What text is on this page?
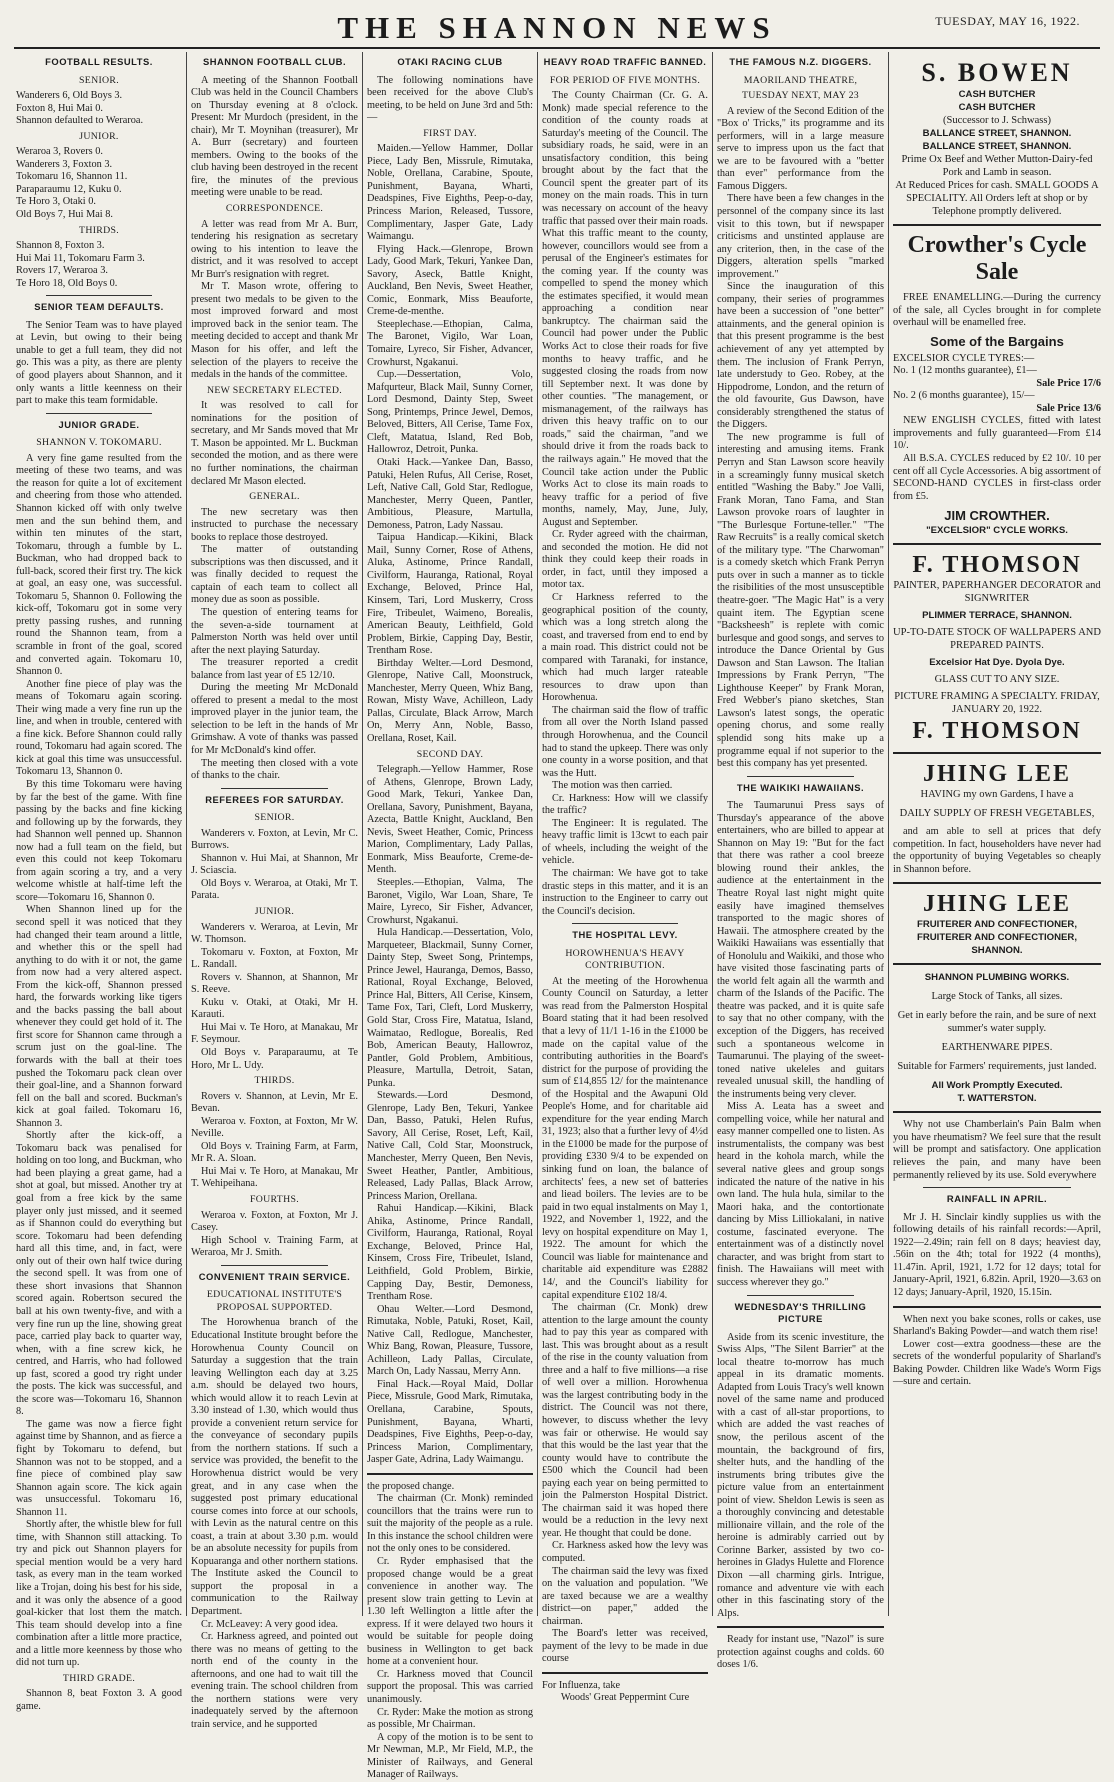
THE SHANNON NEWS	TUESDAY, MAY 16, 1922.
FOOTBALL RESULTS.
SENIOR.

Wanderers 6, Old Boys 3.

Foxton 8, Hui Mai 0.

Shannon defaulted to Weraroa.

JUNIOR.

Weraroa 3, Rovers 0.

Wanderers 3, Foxton 3.

Tokomaru 16, Shannon 11.

Paraparaumu 12, Kuku 0.

Te Horo 3, Otaki 0.

Old Boys 7, Hui Mai 8.

THIRDS.

Shannon 8, Foxton 3.

Hui Mai 11, Tokomaru Farm 3.

Rovers 17, Weraroa 3.

Te Horo 18, Old Boys 0.

SENIOR TEAM DEFAULTS.

The Senior Team was to have played at Levin, but owing to their being unable to get a full team, they did not go. This was a pity, as there are plenty of good players about Shannon, and it only wants a little keenness on their part to make this team formidable.

JUNIOR GRADE.
SHANNON V. TOKOMARU.

A very fine game resulted from the meeting of these two teams, and was the reason for quite a lot of excitement and cheering from those who attended. Shannon kicked off with only twelve men and the sun behind them, and within ten minutes of the start, Tokomaru, through a fumble by L. Buckman, who had dropped back to full-back, scored their first try. The kick at goal, an easy one, was successful. Tokomaru 5, Shannon 0. Following the kick-off, Tokomaru got in some very pretty passing rushes, and running round the Shannon team, from a scramble in front of the goal, scored and converted again. Tokomaru 10, Shannon 0.

Another fine piece of play was the means of Tokomaru again scoring. Their wing made a very fine run up the line, and when in trouble, centered with a fine kick. Before Shannon could rally round, Tokomaru had again scored. The kick at goal this time was unsuccessful. Tokomaru 13, Shannon 0.

By this time Tokomaru were having by far the best of the game. With fine passing by the backs and fine kicking and following up by the forwards, they had Shannon well penned up. Shannon now had a full team on the field, but even this could not keep Tokomaru from again scoring a try, and a very welcome whistle at half-time left the score—Tokomaru 16, Shannon 0.

When Shannon lined up for the second spell it was noticed that they had changed their team around a little, and whether this or the spell had anything to do with it or not, the game from now had a very altered aspect. From the kick-off, Shannon pressed hard, the forwards working like tigers and the backs passing the ball about whenever they could get hold of it. The first score for Shannon came through a scrum just on the goal-line. The forwards with the ball at their toes pushed the Tokomaru pack clean over their goal-line, and a Shannon forward fell on the ball and scored. Buckman's kick at goal failed. Tokomaru 16, Shannon 3.

Shortly after the kick-off, a Tokomaru back was penalised for holding on too long, and Buckman, who had been playing a great game, had a shot at goal, but missed. Another try at goal from a free kick by the same player only just missed, and it seemed as if Shannon could do everything but score. Tokomaru had been defending hard all this time, and, in fact, were only out of their own half twice during the second spell. It was from one of these short invasions that Shannon scored again. Robertson secured the ball at his own twenty-five, and with a very fine run up the line, showing great pace, carried play back to quarter way, when, with a fine screw kick, he centred, and Harris, who had followed up fast, scored a good try right under the posts. The kick was successful, and the score was—Tokomaru 16, Shannon 8.

The game was now a fierce fight against time by Shannon, and as fierce a fight by Tokomaru to defend, but Shannon was not to be stopped, and a fine piece of combined play saw Shannon again score. The kick again was unsuccessful. Tokomaru 16, Shannon 11.

Shortly after, the whistle blew for full time, with Shannon still attacking. To try and pick out Shannon players for special mention would be a very hard task, as every man in the team worked like a Trojan, doing his best for his side, and it was only the absence of a good goal-kicker that lost them the match. This team should develop into a fine combination after a little more practice, and a little more keenness by those who did not turn up.

THIRD GRADE.

Shannon 8, beat Foxton 3. A good game.

SHANNON FOOTBALL CLUB.

A meeting of the Shannon Football Club was held in the Council Chambers on Thursday evening at 8 o'clock. Present: Mr Murdoch (president, in the chair), Mr T. Moynihan (treasurer), Mr A. Burr (secretary) and fourteen members. Owing to the books of the club having been destroyed in the recent fire, the minutes of the previous meeting were unable to be read.

CORRESPONDENCE.

A letter was read from Mr A. Burr, tendering his resignation as secretary owing to his intention to leave the district, and it was resolved to accept Mr Burr's resignation with regret.

Mr T. Mason wrote, offering to present two medals to be given to the most improved forward and most improved back in the senior team. The meeting decided to accept and thank Mr Mason for his offer, and left the selection of the players to receive the medals in the hands of the committee.

NEW SECRETARY ELECTED.

It was resolved to call for nominations for the position of secretary, and Mr Sands moved that Mr T. Mason be appointed. Mr L. Buckman seconded the motion, and as there were no further nominations, the chairman declared Mr Mason elected.

GENERAL.

The new secretary was then instructed to purchase the necessary books to replace those destroyed.

The matter of outstanding subscriptions was then discussed, and it was finally decided to request the captain of each team to collect all money due as soon as possible.

The question of entering teams for the seven-a-side tournament at Palmerston North was held over until after the next playing Saturday.

The treasurer reported a credit balance from last year of £5 12/10.

During the meeting Mr McDonald offered to present a medal to the most improved player in the junior team, the selection to be left in the hands of Mr Grimshaw. A vote of thanks was passed for Mr McDonald's kind offer.

The meeting then closed with a vote of thanks to the chair.

REFEREES FOR SATURDAY.
SENIOR.

Wanderers v. Foxton, at Levin, Mr C. Burrows.

Shannon v. Hui Mai, at Shannon, Mr J. Sciascia.

Old Boys v. Weraroa, at Otaki, Mr T. Parata.

JUNIOR.

Wanderers v. Weraroa, at Levin, Mr W. Thomson.

Tokomaru v. Foxton, at Foxton, Mr L. Randall.

Rovers v. Shannon, at Shannon, Mr S. Reeve.

Kuku v. Otaki, at Otaki, Mr H. Karauti.

Hui Mai v. Te Horo, at Manakau, Mr F. Seymour.

Old Boys v. Paraparaumu, at Te Horo, Mr L. Udy.

THIRDS.

Rovers v. Shannon, at Levin, Mr E. Bevan.

Weraroa v. Foxton, at Foxton, Mr W. Neville.

Old Boys v. Training Farm, at Farm, Mr R. A. Sloan.

Hui Mai v. Te Horo, at Manakau, Mr T. Wehipeihana.

FOURTHS.

Weraroa v. Foxton, at Foxton, Mr J. Casey.

High School v. Training Farm, at Weraroa, Mr J. Smith.

CONVENIENT TRAIN SERVICE.
EDUCATIONAL INSTITUTE'S PROPOSAL SUPPORTED.

The Horowhenua branch of the Educational Institute brought before the Horowhenua County Council on Saturday a suggestion that the train leaving Wellington each day at 3.25 a.m. should be delayed two hours, which would allow it to reach Levin at 3.30 instead of 1.30, which would thus provide a convenient return service for the conveyance of secondary pupils from the northern stations. If such a service was provided, the benefit to the Horowhenua district would be very great, and in any case when the suggested post primary educational course comes into force at our schools, with Levin as the natural centre on this coast, a train at about 3.30 p.m. would be an absolute necessity for pupils from Kopuaranga and other northern stations. The Institute asked the Council to support the proposal in a communication to the Railway Department.

Cr. McLeavey: A very good idea.

Cr. Harkness agreed, and pointed out there was no means of getting to the north end of the county in the afternoons, and one had to wait till the evening train. The school children from the northern stations were very inadequately served by the afternoon train service, and he supported

OTAKI RACING CLUB

The following nominations have been received for the above Club's meeting, to be held on June 3rd and 5th:—

FIRST DAY.

Maiden.—Yellow Hammer, Dollar Piece, Lady Ben, Missrule, Rimutaka, Noble, Orellana, Carabine, Spoute, Punishment, Bayana, Wharti, Deadspines, Five Eighths, Peep-o-day, Princess Marion, Released, Tussore, Complimentary, Jasper Gate, Lady Waimangu.

Flying Hack.—Glenrope, Brown Lady, Good Mark, Tekuri, Yankee Dan, Savory, Aseck, Battle Knight, Auckland, Ben Nevis, Sweet Heather, Comic, Eonmark, Miss Beauforte, Creme-de-menthe.

Steeplechase.—Ethopian, Calma, The Baronet, Vigilo, War Loan, Tomaire, Lyreco, Sir Fisher, Advancer, Crowhurst, Ngakanui.

Cup.—Dessertation, Volo, Mafqurteur, Black Mail, Sunny Corner, Lord Desmond, Dainty Step, Sweet Song, Printemps, Prince Jewel, Demos, Beloved, Bitters, All Cerise, Tame Fox, Cleft, Matatua, Island, Red Bob, Hallowroz, Detroit, Punka.

Otaki Hack.—Yankee Dan, Basso, Patuki, Helen Rufus, All Cerise, Roset, Left, Native Call, Gold Star, Redlogue, Manchester, Merry Queen, Pantler, Ambitious, Pleasure, Martulla, Demoness, Patron, Lady Nassau.

Taipua Handicap.—Kikini, Black Mail, Sunny Corner, Rose of Athens, Aluka, Astinome, Prince Randall, Civilform, Hauranga, Rational, Royal Exchange, Beloved, Prince Hal, Kinsem, Tari, Lord Muskerry, Cross Fire, Tribeulet, Waimeno, Borealis, American Beauty, Leithfield, Gold Problem, Birkie, Capping Day, Bestir, Trentham Rose.

Birthday Welter.—Lord Desmond, Glenrope, Native Call, Moonstruck, Manchester, Merry Queen, Whiz Bang, Rowan, Misty Wave, Achilleon, Lady Pallas, Circulate, Black Arrow, March On, Merry Ann, Noble, Basso, Orellana, Roset, Kail.

SECOND DAY.

Telegraph.—Yellow Hammer, Rose of Athens, Glenrope, Brown Lady, Good Mark, Tekuri, Yankee Dan, Orellana, Savory, Punishment, Bayana, Azecta, Battle Knight, Auckland, Ben Nevis, Sweet Heather, Comic, Princess Marion, Complimentary, Lady Pallas, Eonmark, Miss Beauforte, Creme-de-Menth.

Steeples.—Ethopian, Valma, The Baronet, Vigilo, War Loan, Share, Te Maire, Lyreco, Sir Fisher, Advancer, Crowhurst, Ngakanui.

Hula Handicap.—Dessertation, Volo, Marqueteer, Blackmail, Sunny Corner, Dainty Step, Sweet Song, Printemps, Prince Jewel, Hauranga, Demos, Basso, Rational, Royal Exchange, Beloved, Prince Hal, Bitters, All Cerise, Kinsem, Tame Fox, Tari, Cleft, Lord Muskerry, Gold Star, Cross Fire, Matatua, Island, Waimatao, Redlogue, Borealis, Red Bob, American Beauty, Hallowroz, Pantler, Gold Problem, Ambitious, Pleasure, Martulla, Detroit, Satan, Punka.

Stewards.—Lord Desmond, Glenrope, Lady Ben, Tekuri, Yankee Dan, Basso, Patuki, Helen Rufus, Savory, All Cerise, Roset, Left, Kail, Native Call, Cold Star, Moonstruck, Manchester, Merry Queen, Ben Nevis, Sweet Heather, Pantler, Ambitious, Released, Lady Pallas, Black Arrow, Princess Marion, Orellana.

Rahui Handicap.—Kikini, Black Ahika, Astinome, Prince Randall, Civilform, Hauranga, Rational, Royal Exchange, Beloved, Prince Hal, Kinsem, Cross Fire, Tribeulet, Island, Leithfield, Gold Problem, Birkie, Capping Day, Bestir, Demoness, Trentham Rose.

Ohau Welter.—Lord Desmond, Rimutaka, Noble, Patuki, Roset, Kail, Native Call, Redlogue, Manchester, Whiz Bang, Rowan, Pleasure, Tussore, Achilleon, Lady Pallas, Circulate, March On, Lady Nassau, Merry Ann.

Final Hack.—Royal Maid, Dollar Piece, Missrule, Good Mark, Rimutaka, Orellana, Carabine, Spouts, Punishment, Bayana, Wharti, Deadspines, Five Eighths, Peep-o-day, Princess Marion, Complimentary, Jasper Gate, Adrina, Lady Waimangu.

the proposed change.

The chairman (Cr. Monk) reminded councillors that the trains were run to suit the majority of the people as a rule. In this instance the school children were not the only ones to be considered.

Cr. Ryder emphasised that the proposed change would be a great convenience in another way. The present slow train getting to Levin at 1.30 left Wellington a little after the express. If it were delayed two hours it would be suitable for people doing business in Wellington to get back home at a convenient hour.

Cr. Harkness moved that Council support the proposal. This was carried unanimously.

Cr. Ryder: Make the motion as strong as possible, Mr Chairman.

A copy of the motion is to be sent to Mr Newman, M.P., Mr Field, M.P., the Minister of Railways, and General Manager of Railways.

HEAVY ROAD TRAFFIC BANNED.
FOR PERIOD OF FIVE MONTHS.

The County Chairman (Cr. G. A. Monk) made special reference to the condition of the county roads at Saturday's meeting of the Council. The subsidiary roads, he said, were in an unsatisfactory condition, this being brought about by the fact that the Council spent the greater part of its money on the main roads. This in turn was necessary on account of the heavy traffic that passed over their main roads. What this traffic meant to the county, however, councillors would see from a perusal of the Engineer's estimates for the coming year. If the county was compelled to spend the money which the estimates specified, it would mean approaching a condition near bankruptcy. The chairman said the Council had power under the Public Works Act to close their roads for five months to heavy traffic, and he suggested closing the roads from now till September next. It was done by other counties. "The management, or mismanagement, of the railways has driven this heavy traffic on to our roads," said the chairman, "and we should drive it from the roads back to the railways again." He moved that the Council take action under the Public Works Act to close its main roads to heavy traffic for a period of five months, namely, May, June, July, August and September.

Cr. Ryder agreed with the chairman, and seconded the motion. He did not think they could keep their roads in order, in fact, until they imposed a motor tax.

Cr Harkness referred to the geographical position of the county, which was a long stretch along the coast, and traversed from end to end by a main road. This district could not be compared with Taranaki, for instance, which had much larger rateable resources to draw upon than Horowhenua.

The chairman said the flow of traffic from all over the North Island passed through Horowhenua, and the Council had to stand the upkeep. There was only one county in a worse position, and that was the Hutt.

The motion was then carried.

Cr. Harkness: How will we classify the traffic?

The Engineer: It is regulated. The heavy traffic limit is 13cwt to each pair of wheels, including the weight of the vehicle.

The chairman: We have got to take drastic steps in this matter, and it is an instruction to the Engineer to carry out the Council's decision.

THE HOSPITAL LEVY.
HOROWHENUA'S HEAVY CONTRIBUTION.

At the meeting of the Horowhenua County Council on Saturday, a letter was read from the Palmerston Hospital Board stating that it had been resolved that a levy of 11/1 1-16 in the £1000 be made on the capital value of the contributing authorities in the Board's district for the purpose of providing the sum of £14,855 12/ for the maintenance of the Hospital and the Awapuni Old People's Home, and for charitable aid expenditure for the year ending March 31, 1923; also that a further levy of 4½d in the £1000 be made for the purpose of providing £330 9/4 to be expended on sinking fund on loan, the balance of architects' fees, a new set of batteries and liead boilers. The levies are to be paid in two equal instalments on May 1, 1922, and November 1, 1922, and the levy on hospital expenditure on May 1, 1922. The amount for which the Council was liable for maintenance and charitable aid expenditure was £2882 14/, and the Council's liability for capital expenditure £102 18/4.

The chairman (Cr. Monk) drew attention to the large amount the county had to pay this year as compared with last. This was brought about as a result of the rise in the county valuation from three and a half to five millions—a rise of well over a million. Horowhenua was the largest contributing body in the district. The Council was not there, however, to discuss whether the levy was fair or otherwise. He would say that this would be the last year that the county would have to contribute the £500 which the Council had been paying each year on being permitted to join the Palmerston Hospital District. The chairman said it was hoped there would be a reduction in the levy next year. He thought that could be done.

Cr. Harkness asked how the levy was computed.

The chairman said the levy was fixed on the valuation and population. "We are taxed because we are a wealthy district—on paper," added the chairman.

The Board's letter was received, payment of the levy to be made in due course

For Influenza, take

Woods' Great Peppermint Cure

THE FAMOUS N.Z. DIGGERS.
MAORILAND THEATRE,
TUESDAY NEXT, MAY 23

A review of the Second Edition of the "Box o' Tricks," its programme and its performers, will in a large measure serve to impress upon us the fact that we are to be favoured with a "better than ever" performance from the Famous Diggers.

There have been a few changes in the personnel of the company since its last visit to this town, but if newspaper criticisms and unstinted applause are any criterion, then, in the case of the Diggers, alteration spells "marked improvement."

Since the inauguration of this company, their series of programmes have been a succession of "one better" attainments, and the general opinion is that this present programme is the best achievement of any yet attempted by them. The inclusion of Frank Perryn, late understudy to Geo. Robey, at the Hippodrome, London, and the return of the old favourite, Gus Dawson, have considerably strengthened the status of the Diggers.

The new programme is full of interesting and amusing items. Frank Perryn and Stan Lawson score heavily in a screamingly funny musical sketch entitled "Washing the Baby." Joe Valli, Frank Moran, Tano Fama, and Stan Lawson provoke roars of laughter in "The Burlesque Fortune-teller." "The Raw Recruits" is a really comical sketch of the military type. "The Charwoman" is a comedy sketch which Frank Perryn puts over in such a manner as to tickle the risibilities of the most unsusceptible theatre-goer. "The Magic Hat" is a very quaint item. The Egyptian scene "Backsheesh" is replete with comic burlesque and good songs, and serves to introduce the Dance Oriental by Gus Dawson and Stan Lawson. The Italian Impressions by Frank Perryn, "The Lighthouse Keeper" by Frank Moran, Fred Webber's piano sketches, Stan Lawson's latest songs, the operatic opening chorus, and some really splendid song hits make up a programme equal if not superior to the best this company has yet presented.

THE WAIKIKI HAWAIIANS.

The Taumarunui Press says of Thursday's appearance of the above entertainers, who are billed to appear at Shannon on May 19: "But for the fact that there was rather a cool breeze blowing round their ankles, the audience at the entertainment in the Theatre Royal last night might quite easily have imagined themselves transported to the magic shores of Hawaii. The atmosphere created by the Waikiki Hawaiians was essentially that of Honolulu and Waikiki, and those who have visited those fascinating parts of the world felt again all the warmth and charm of the Islands of the Pacific. The theatre was packed, and it is quite safe to say that no other company, with the exception of the Diggers, has received such a spontaneous welcome in Taumarunui. The playing of the sweet-toned native ukeleles and guitars revealed unusual skill, the handling of the instruments being very clever.

Miss A. Leata has a sweet and compelling voice, while her natural and easy manner compelled one to listen. As instrumentalists, the company was best heard in the kohola march, while the several native glees and group songs indicated the nature of the native in his own land. The hula hula, similar to the Maori haka, and the contortionate dancing by Miss Lilliokalani, in native costume, fascinated everyone. The entertainment was of a distinctly novel character, and was bright from start to finish. The Hawaiians will meet with success wherever they go."

WEDNESDAY'S THRILLING PICTURE

Aside from its scenic investiture, the Swiss Alps, "The Silent Barrier" at the local theatre to-morrow has much appeal in its dramatic moments. Adapted from Louis Tracy's well known novel of the same name and produced with a cast of all-star proportions, to which are added the vast reaches of snow, the perilous ascent of the mountain, the background of firs, shelter huts, and the handling of the instruments bring tributes give the picture value from an entertainment point of view. Sheldon Lewis is seen as a thoroughly convincing and detestable millionaire villain, and the role of the heroine is admirably carried out by Corinne Barker, assisted by two co-heroines in Gladys Hulette and Florence Dixon —all charming girls. Intrigue, romance and adventure vie with each other in this fascinating story of the Alps.

Ready for instant use, "Nazol" is sure protection against coughs and colds. 60 doses 1/6.

S. BOWEN
CASH BUTCHER
CASH BUTCHER
(Successor to J. Schwass)
BALLANCE STREET, SHANNON.
BALLANCE STREET, SHANNON.
Prime Ox Beef and Wether Mutton-Dairy-fed Pork and Lamb in season.
At Reduced Prices for cash. SMALL GOODS A SPECIALITY. All Orders left at shop or by Telephone promptly delivered.
Crowther's Cycle Sale

FREE ENAMELLING.—During the currency of the sale, all Cycles brought in for complete overhaul will be enamelled free.

Some of the Bargains

EXCELSIOR CYCLE TYRES:—

No. 1 (12 months guarantee), £1—

Sale Price 17/6

No. 2 (6 months guarantee), 15/—

Sale Price 13/6

NEW ENGLISH CYCLES, fitted with latest improvements and fully guaranteed—From £14 10/.

All B.S.A. CYCLES reduced by £2 10/. 10 per cent off all Cycle Accessories. A big assortment of SECOND-HAND CYCLES in first-class order from £5.

JIM CROWTHER.
"EXCELSIOR" CYCLE WORKS.
F. THOMSON
PAINTER, PAPERHANGER DECORATOR and SIGNWRITER
PLIMMER TERRACE, SHANNON.
UP-TO-DATE STOCK OF WALLPAPERS AND PREPARED PAINTS.
Excelsior Hat Dye. Dyola Dye.
GLASS CUT TO ANY SIZE.
PICTURE FRAMING A SPECIALTY. FRIDAY, JANUARY 20, 1922.
F. THOMSON
JHING LEE
HAVING my own Gardens, I have a
DAILY SUPPLY OF FRESH VEGETABLES,

and am able to sell at prices that defy competition. In fact, householders have never had the opportunity of buying Vegetables so cheaply in Shannon before.

JHING LEE
FRUITERER AND CONFECTIONER, FRUITERER AND CONFECTIONER, SHANNON.
SHANNON PLUMBING WORKS.
Large Stock of Tanks, all sizes.
Get in early before the rain, and be sure of next summer's water supply.
EARTHENWARE PIPES.
Suitable for Farmers' requirements, just landed.
All Work Promptly Executed.
T. WATTERSTON.

Why not use Chamberlain's Pain Balm when you have rheumatism? We feel sure that the result will be prompt and satisfactory. One application relieves the pain, and many have been permanently relieved by its use. Sold everywhere

RAINFALL IN APRIL.

Mr J. H. Sinclair kindly supplies us with the following details of his rainfall records:—April, 1922—2.49in; rain fell on 8 days; heaviest day, .56in on the 4th; total for 1922 (4 months), 11.47in. April, 1921, 1.72 for 12 days; total for January-April, 1921, 6.82in. April, 1920—3.63 on 12 days; January-April, 1920, 15.15in.

When next you bake scones, rolls or cakes, use Sharland's Baking Powder—and watch them rise!

Lower cost—extra goodness—these are the secrets of the wonderful popularity of Sharland's Baking Powder. Children like Wade's Worm Figs—sure and certain.
